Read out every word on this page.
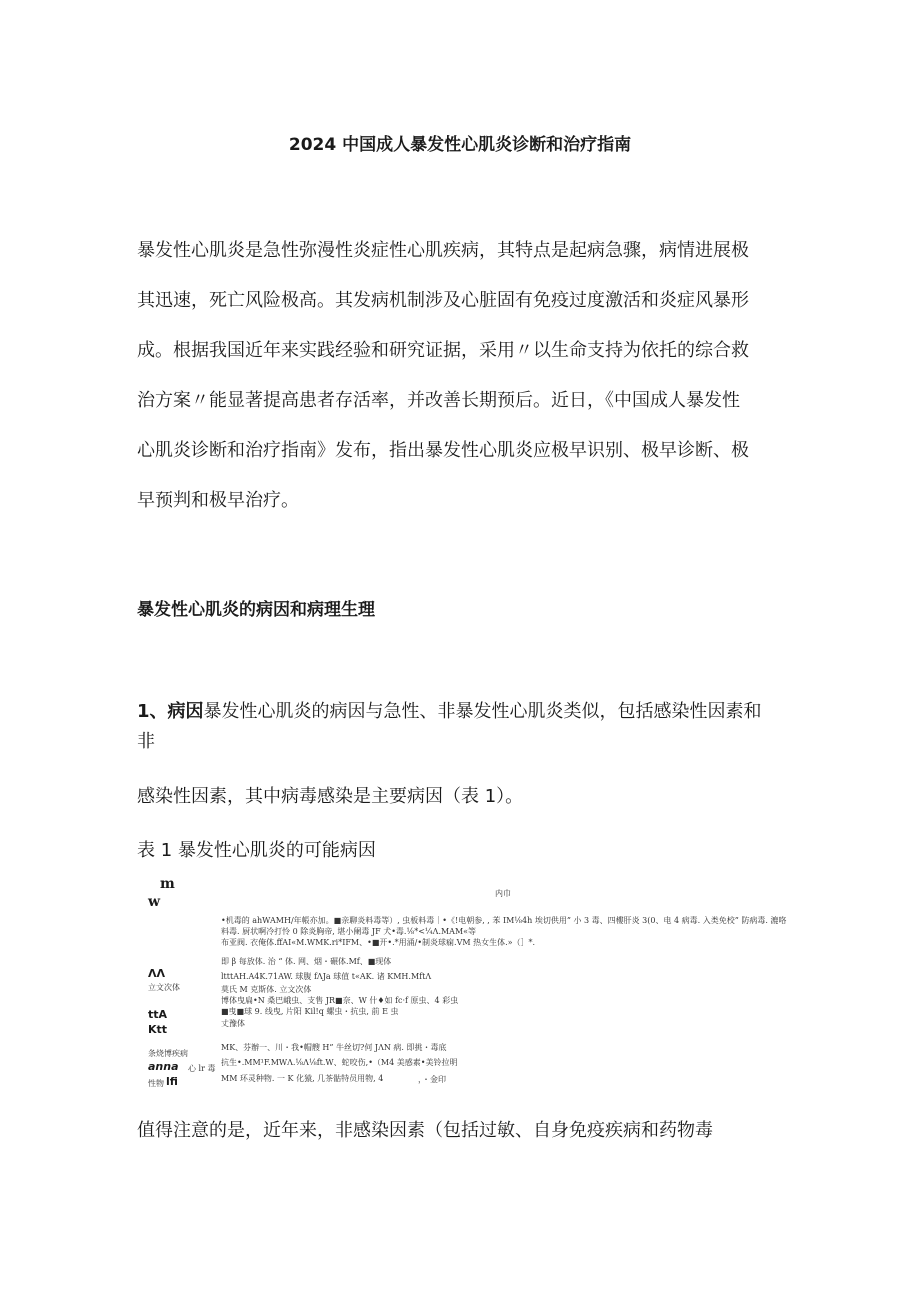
2024 中国成人暴发性心肌炎诊断和治疗指南
暴发性心肌炎是急性弥漫性炎症性心肌疾病，其特点是起病急骤，病情进展极
其迅速，死亡风险极高。其发病机制涉及心脏固有免疫过度激活和炎症风暴形
成。根据我国近年来实践经验和研究证据，采用〃以生命支持为依托的综合救
治方案〃能显著提高患者存活率，并改善长期预后。近日，《中国成人暴发性
心肌炎诊断和治疗指南》发布，指出暴发性心肌炎应极早识别、极早诊断、极
早预判和极早治疗。
暴发性心肌炎的病因和病理生理
1、病因暴发性心肌炎的病因与急性、非暴发性心肌炎类似，包括感染性因素和
非
感染性因素，其中病毒感染是主要病因（表 1）。
表 1 暴发性心肌炎的可能病因
m
w
内巾
•机毒的 ahWAMH/年帳亦加。■亲聊炎料毒等）, 虫板料毒｜•《!电朝参, , 苯 IM⅛4h 埃切供用” 小 3 毒、四樓肝炎 3(0、电 4 病毒. 入类免校” 防病毒. 漉咯
料毒. 厨状啊冷打怜 0 除炎胸帝, 堪小阑毒 JF 犬•毒.⅛*<¼Λ.MAM«等
布亚阀. 衣俺体.ffAI«M.WMK.ri*IFM、•■开•.*用涌/•制炎球痫.VM 热女生体.»（］*.
即 β 每放体. 治 “ 体. 网、烟・碾体.Mf、■现体
ltttAH.A4K.71AW. 球腹 fΛJa 球值 t«AK. 诸 KMH.MftΛ
莫氏 M 克斯体. 立文次体
博体曳扁•N 桑巴峨虫、支售 JR■奈、W 什♦如 fc·f 原虫、4 彩虫
■曳■球 9. 线曳, 片阳 Kil!q 螺虫・抗虫, 前 E 虫
丈豫体
ΛΛ
立文次体
ttA
Ktt
条烧博疾病
anna 心 lr 毒
性物 lfi
MK、芬辦一、川・我•帽艘 H” 牛丝切?何 JΛN 病. 即挑・毒底
抗生•.MM¹F.MWΛ.⅛Λ⅛ft.W、蛇咬伤,•（M4 美感素•美铃拉明
MM 环灵种物. 一 K 化猿, 几茶骷特员用物, 4	，・金印
值得注意的是，近年来，非感染因素（包括过敏、自身免疫疾病和药物毒
